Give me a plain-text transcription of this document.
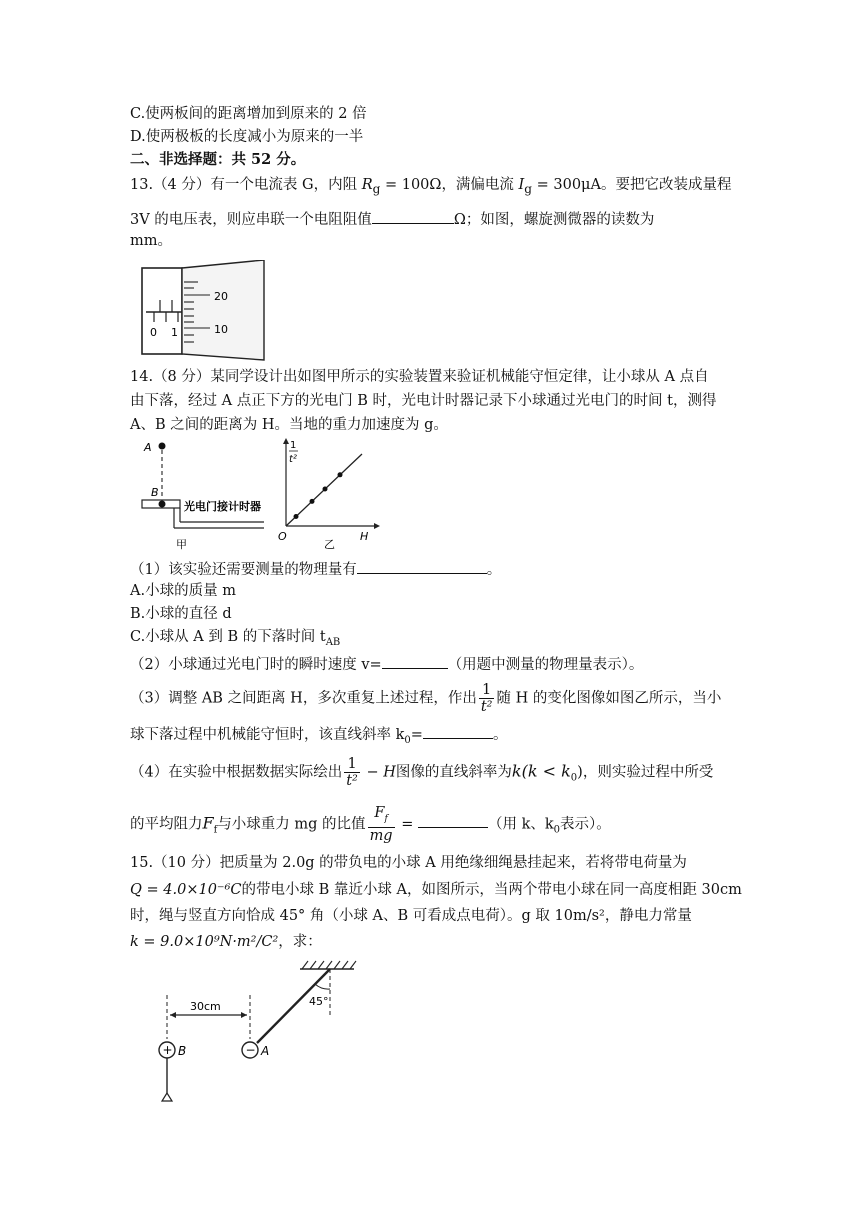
C.使两板间的距离增加到原来的 2 倍
D.使两极板的长度减小为原来的一半
二、非选择题：共 52 分。
13.（4 分）有一个电流表 G，内阻 $R_g = 100\Omega$，满偏电流 $I_g = 300\mu A$。要把它改装成量程
3V 的电压表，则应串联一个电阻阻值	Ω；如图，螺旋测微器的读数为
mm。
20
10
0 1
14.（8 分）某同学设计出如图甲所示的实验装置来验证机械能守恒定律，让小球从 A 点自
由下落，经过 A 点正下方的光电门 B 时，光电计时器记录下小球通过光电门的时间 t，测得
A、B 之间的距离为 H。当地的重力加速度为 g。
A
B
光电门接计时器
甲
1
t²
O	H
乙
（1）该实验还需要测量的物理量有	。
A.小球的质量 m
B.小球的直径 d
C.小球从 A 到 B 的下落时间 $t_{AB}$
（2）小球通过光电门时的瞬时速度 v=	（用题中测量的物理量表示）。
（3）调整 AB 之间距离 H，多次重复上述过程，作出 $\frac{1}{\text{t²}}$ 随 H 的变化图像如图乙所示，当小
球下落过程中机械能守恒时，该直线斜率 $k_0=$	。
（4）在实验中根据数据实际绘出 $\frac{1}{\text{t²}} - H$图像的直线斜率为$k(k < k_0)$，则实验过程中所受
的平均阻力$F_f$与小球重力 mg 的比值 $\frac{F_f}{mg}$ =	（用 k、$k_0$表示）。
15.（10 分）把质量为 2.0g 的带负电的小球 A 用绝缘细绳悬挂起来，若将带电荷量为
Q = 4.0×10⁻⁶C的带电小球 B 靠近小球 A，如图所示，当两个带电小球在同一高度相距 30cm
时，绳与竖直方向恰成 45° 角（小球 A、B 可看成点电荷）。g 取 10m/s²，静电力常量
k = 9.0×10⁹N·m²/C²，求：
45°
30cm
+ B	− A
